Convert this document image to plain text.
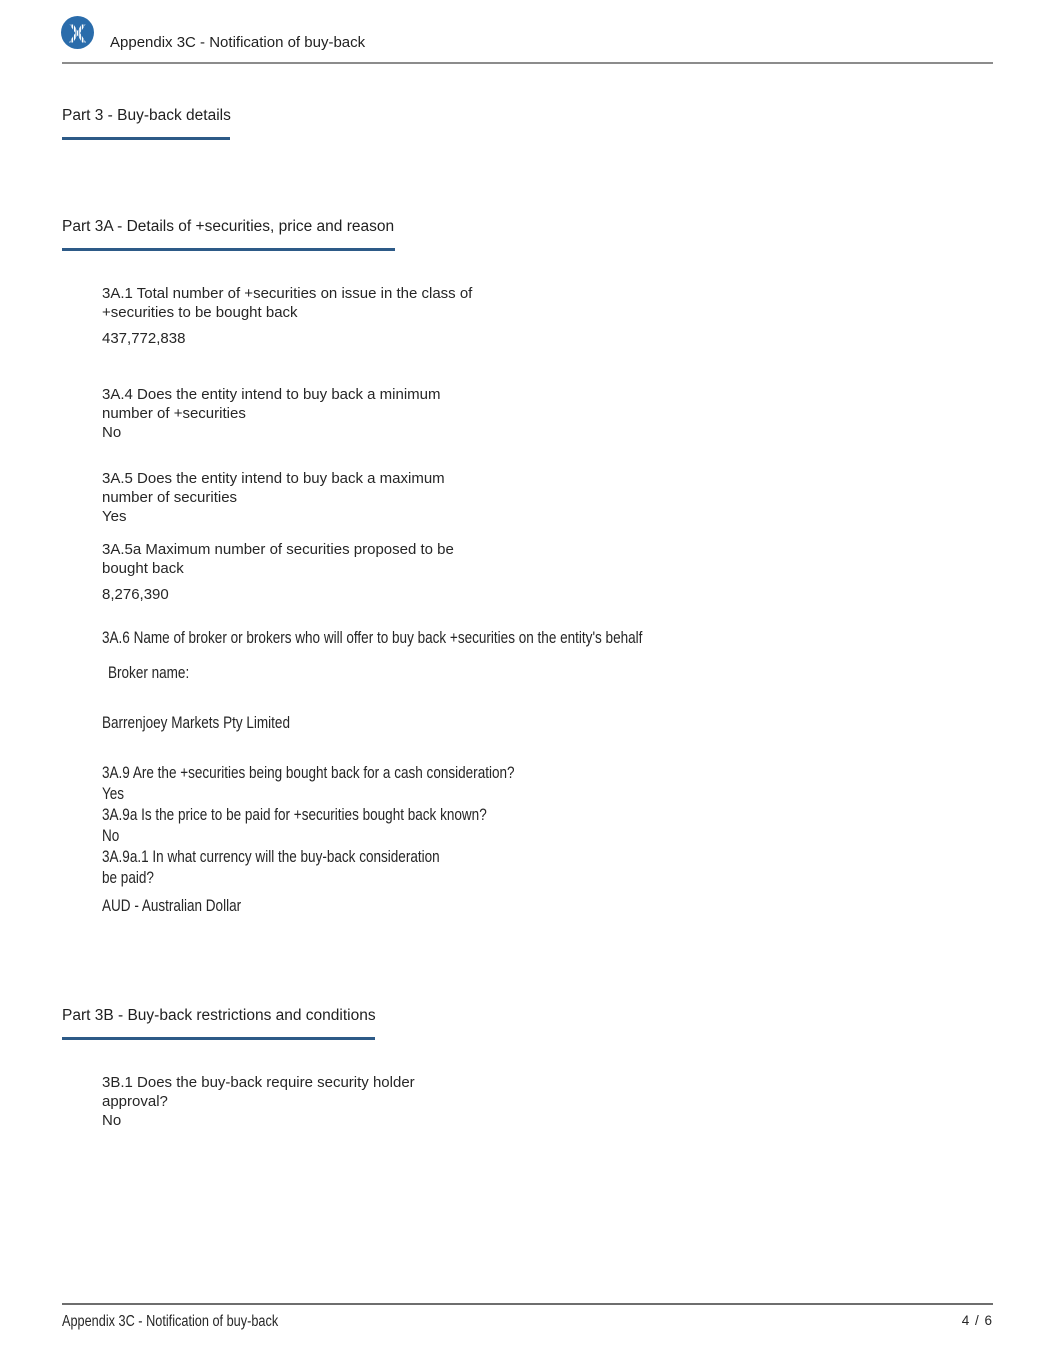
X Appendix 3C - Notification of buy-back
Part 3 - Buy-back details
Part 3A - Details of +securities, price and reason
3A.1 Total number of +securities on issue in the class of
+securities to be bought back
437,772,838
3A.4 Does the entity intend to buy back a minimum
number of +securities
No
3A.5 Does the entity intend to buy back a maximum
number of securities
Yes
3A.5a Maximum number of securities proposed to be
bought back
8,276,390
3A.6 Name of broker or brokers who will offer to buy back +securities on the entity's behalf
Broker name:
Barrenjoey Markets Pty Limited
3A.9 Are the +securities being bought back for a cash consideration?
Yes
3A.9a Is the price to be paid for +securities bought back known?
No
3A.9a.1 In what currency will the buy-back consideration
be paid?
AUD - Australian Dollar
Part 3B - Buy-back restrictions and conditions
3B.1 Does the buy-back require security holder
approval?
No
Appendix 3C - Notification of buy-back	4 / 6
